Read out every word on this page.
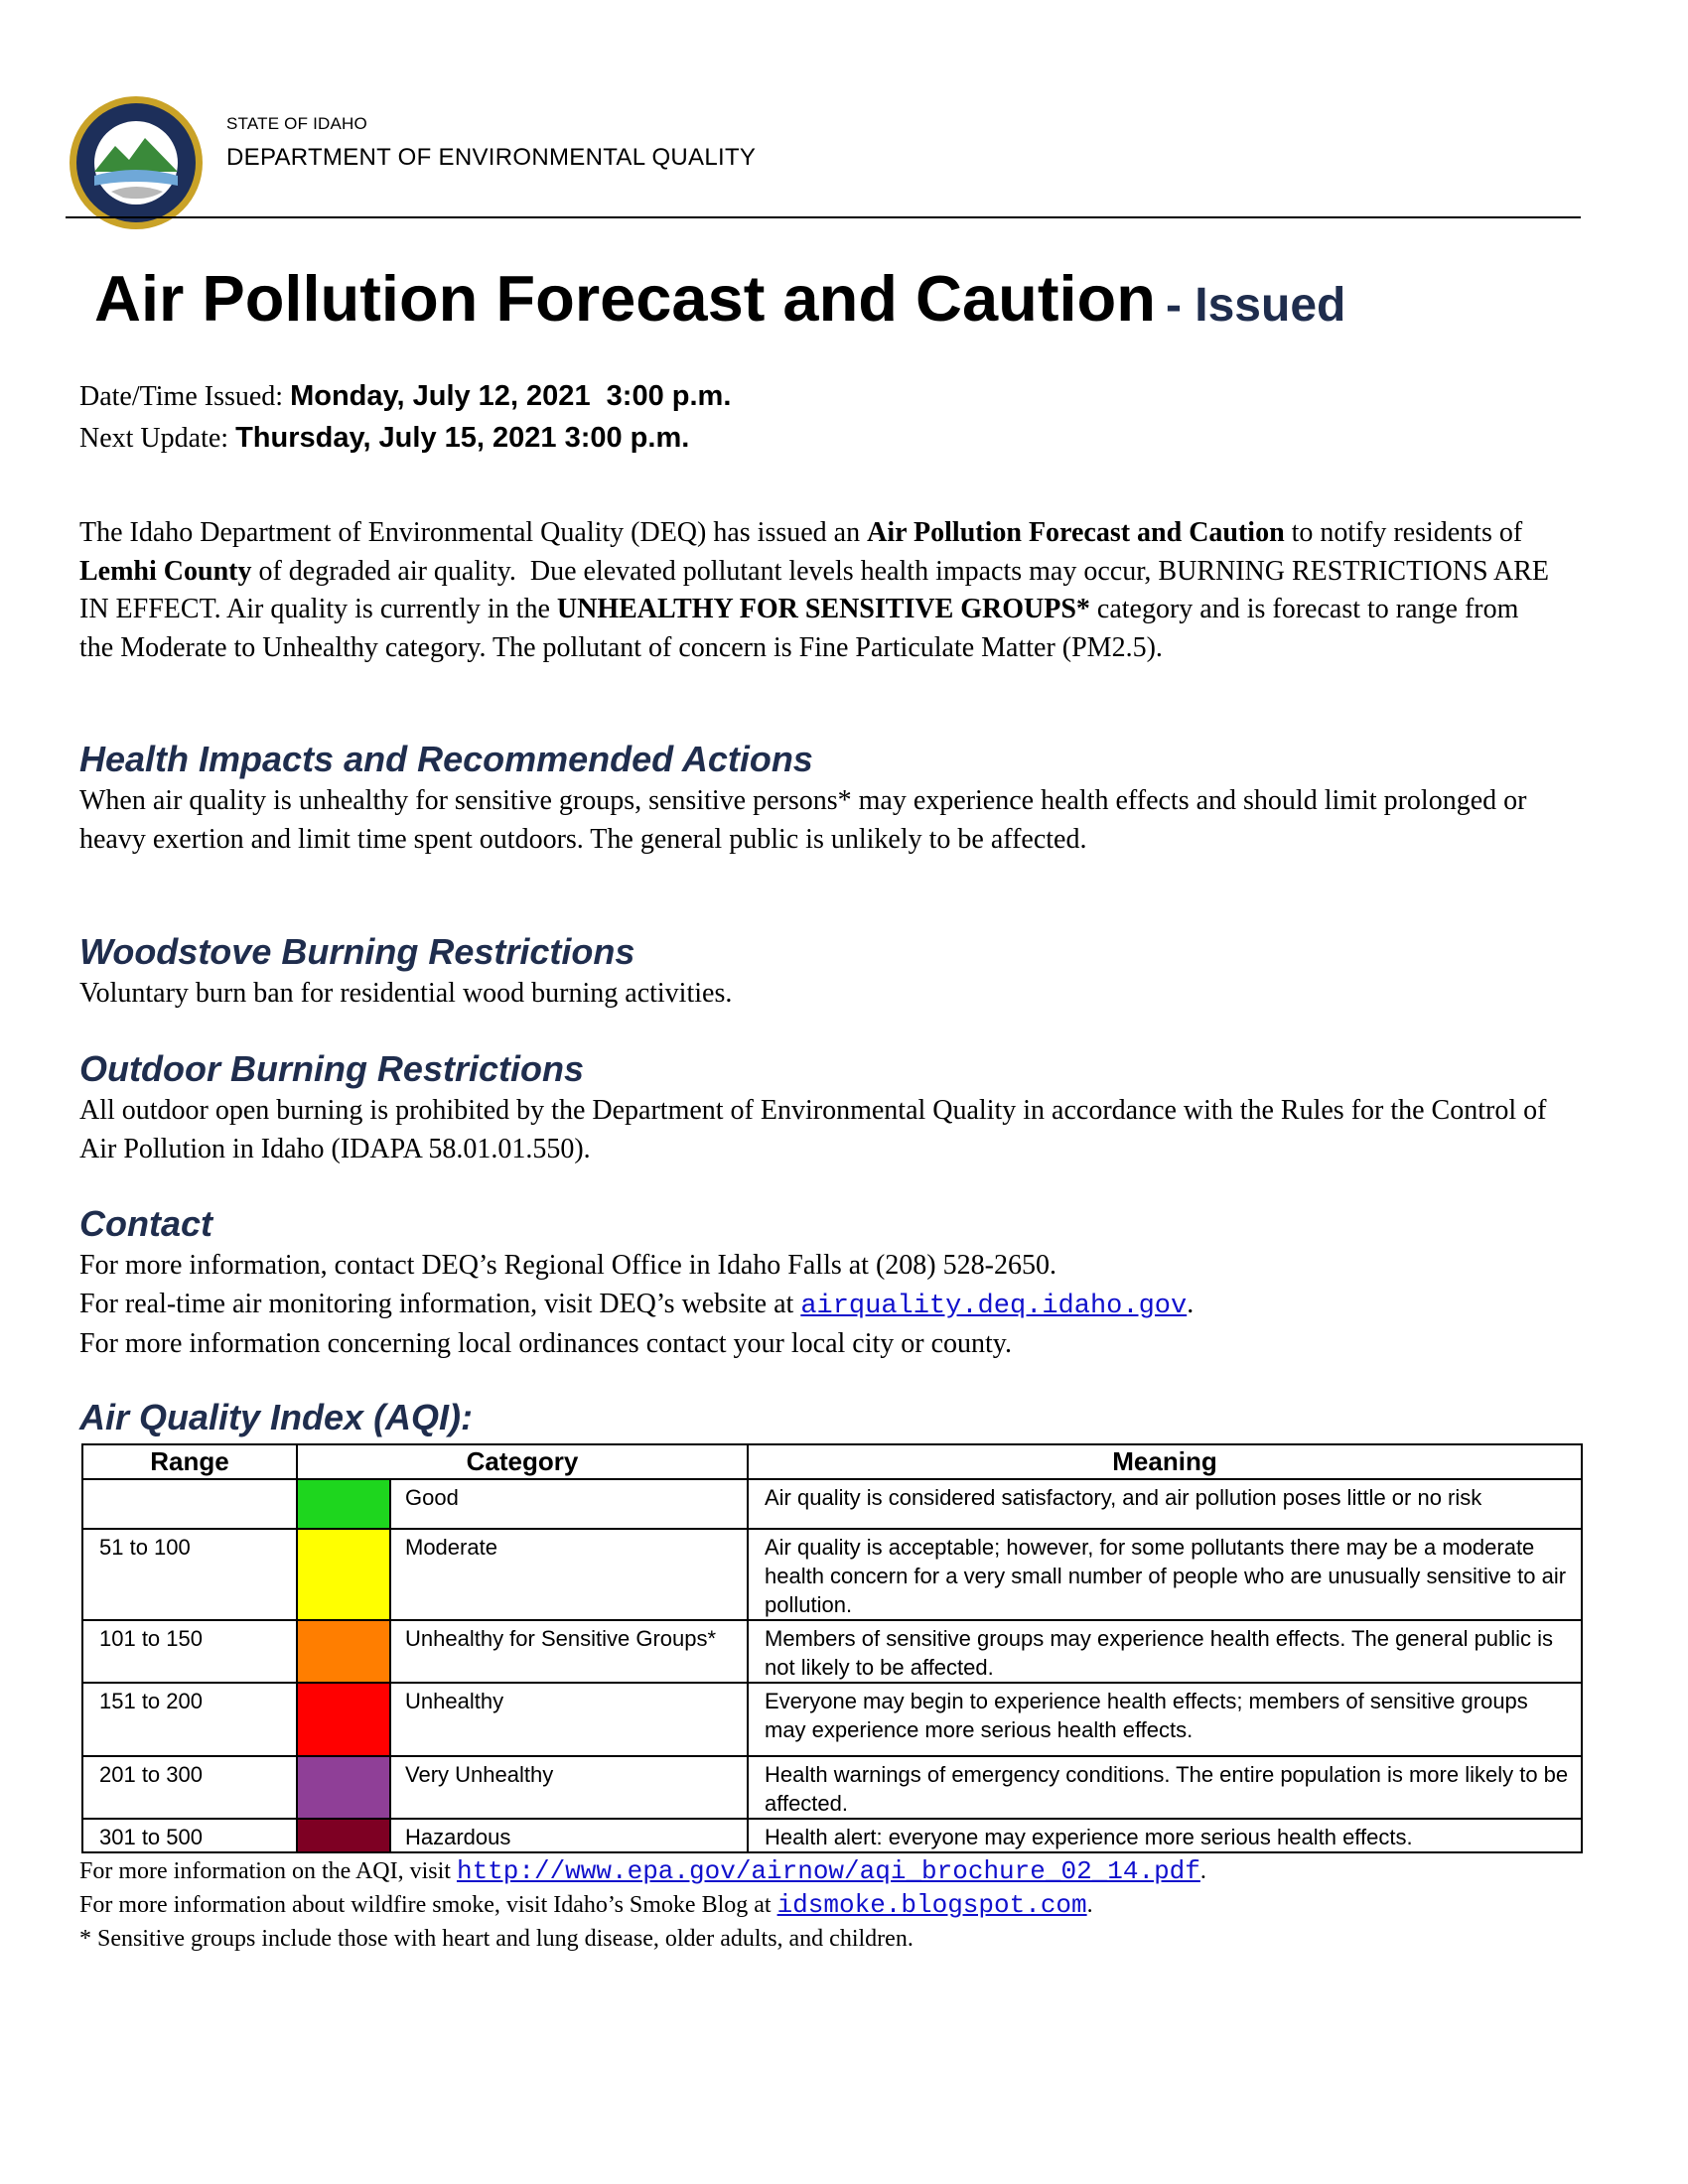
STATE OF IDAHO
DEPARTMENT OF ENVIRONMENTAL QUALITY
Air Pollution Forecast and Caution - Issued
Date/Time Issued: Monday, July 12, 2021  3:00 p.m.
Next Update: Thursday, July 15, 2021 3:00 p.m.
The Idaho Department of Environmental Quality (DEQ) has issued an Air Pollution Forecast and Caution to notify residents of Lemhi County of degraded air quality.  Due elevated pollutant levels health impacts may occur, BURNING RESTRICTIONS ARE IN EFFECT. Air quality is currently in the UNHEALTHY FOR SENSITIVE GROUPS* category and is forecast to range from the Moderate to Unhealthy category. The pollutant of concern is Fine Particulate Matter (PM2.5).
Health Impacts and Recommended Actions
When air quality is unhealthy for sensitive groups, sensitive persons* may experience health effects and should limit prolonged or heavy exertion and limit time spent outdoors. The general public is unlikely to be affected.
Woodstove Burning Restrictions
Voluntary burn ban for residential wood burning activities.
Outdoor Burning Restrictions
All outdoor open burning is prohibited by the Department of Environmental Quality in accordance with the Rules for the Control of Air Pollution in Idaho (IDAPA 58.01.01.550).
Contact
For more information, contact DEQ’s Regional Office in Idaho Falls at (208) 528-2650.
For real-time air monitoring information, visit DEQ’s website at airquality.deq.idaho.gov.
For more information concerning local ordinances contact your local city or county.
Air Quality Index (AQI):
Range	Category		Meaning
		Good	Air quality is considered satisfactory, and air pollution poses little or no risk
51 to 100		Moderate	Air quality is acceptable; however, for some pollutants there may be a moderate health concern for a very small number of people who are unusually sensitive to air pollution.
101 to 150		Unhealthy for Sensitive Groups*	Members of sensitive groups may experience health effects. The general public is not likely to be affected.
151 to 200		Unhealthy	Everyone may begin to experience health effects; members of sensitive groups may experience more serious health effects.
201 to 300		Very Unhealthy	Health warnings of emergency conditions. The entire population is more likely to be affected.
301 to 500		Hazardous	Health alert: everyone may experience more serious health effects.
For more information on the AQI, visit http://www.epa.gov/airnow/aqi_brochure_02_14.pdf.
For more information about wildfire smoke, visit Idaho’s Smoke Blog at idsmoke.blogspot.com.
* Sensitive groups include those with heart and lung disease, older adults, and children.
